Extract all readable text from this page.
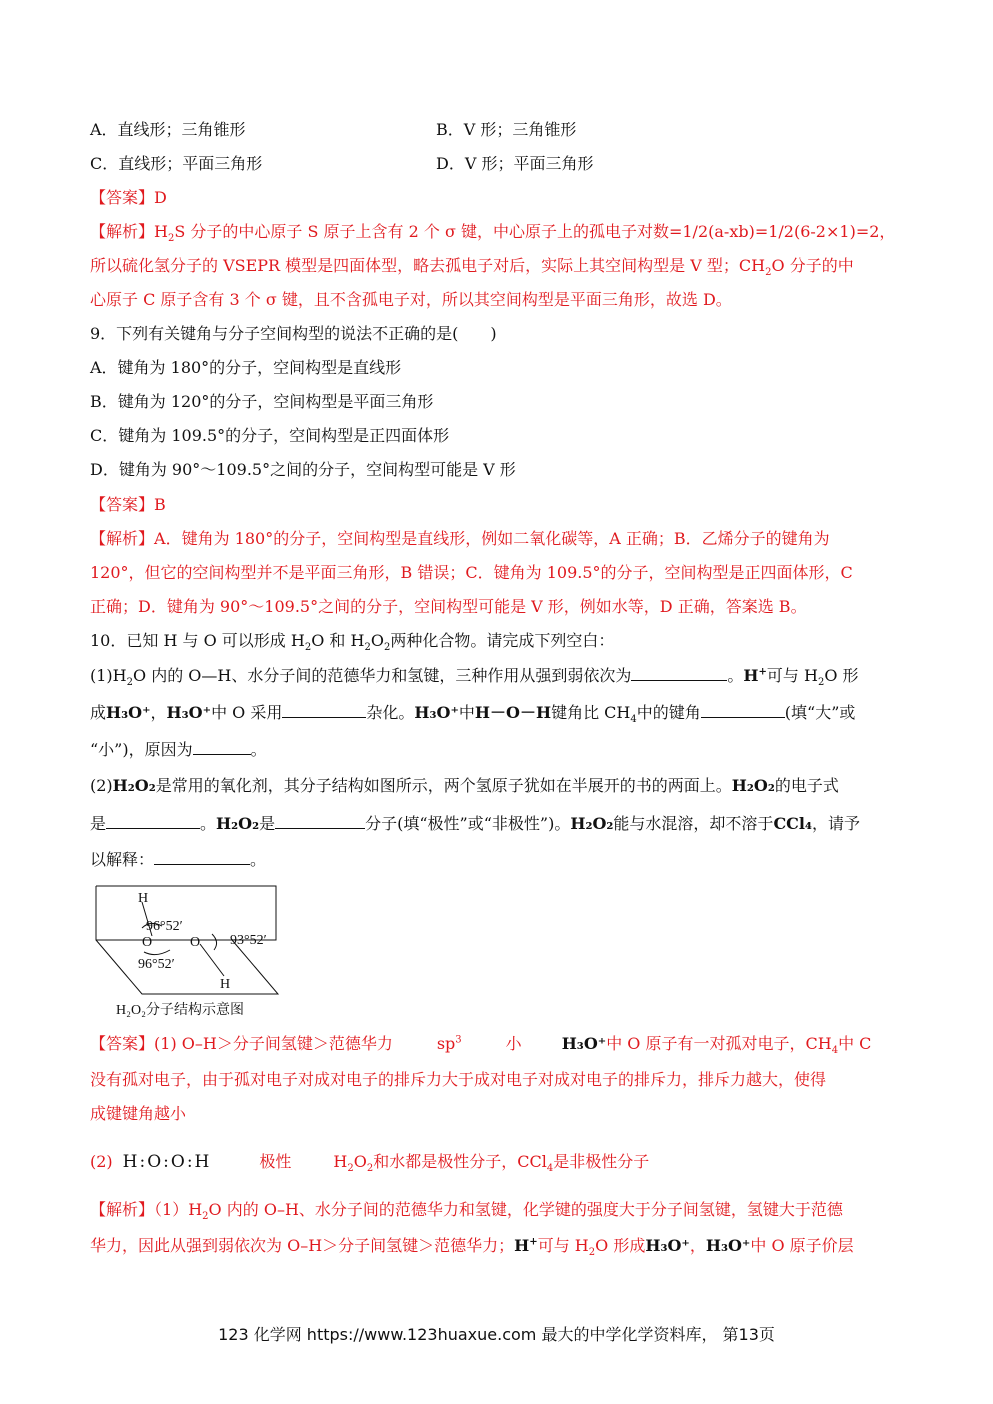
A．直线形；三角锥形	B．V 形；三角锥形
C．直线形；平面三角形	D．V 形；平面三角形
【答案】D
【解析】$H_2S$ 分子的中心原子 S 原子上含有 2 个 σ 键，中心原子上的孤电子对数=1/2(a-xb)=1/2(6-2×1)=2，
所以硫化氢分子的 VSEPR 模型是四面体型，略去孤电子对后，实际上其空间构型是 V 型；$CH_2O$ 分子的中
心原子 C 原子含有 3 个 σ 键，且不含孤电子对，所以其空间构型是平面三角形，故选 D。
9．下列有关键角与分子空间构型的说法不正确的是(　　)
A．键角为 180°的分子，空间构型是直线形
B．键角为 120°的分子，空间构型是平面三角形
C．键角为 109.5°的分子，空间构型是正四面体形
D．键角为 90°～109.5°之间的分子，空间构型可能是 V 形
【答案】B
【解析】A．键角为 180°的分子，空间构型是直线形，例如二氧化碳等，A 正确；B．乙烯分子的键角为
120°，但它的空间构型并不是平面三角形，B 错误；C．键角为 109.5°的分子，空间构型是正四面体形，C
正确；D．键角为 90°～109.5°之间的分子，空间构型可能是 V 形，例如水等，D 正确，答案选 B。
10．已知 H 与 O 可以形成 $H_2O$ 和 $H_2O_2$两种化合物。请完成下列空白：
$(1)H_2O$ 内的 O—H、水分子间的范德华力和氢键，三种作用从强到弱依次为	。H+可与 $H_2O$ 形
成H₃O⁺，H₃O⁺中 O 采用	杂化。H₃O⁺中H－O－H键角比 $CH_4$中的键角	(填“大”或
“小”)，原因为	。
(2)H₂O₂是常用的氧化剂，其分子结构如图所示，两个氢原子犹如在半展开的书的两面上。H₂O₂的电子式
是	。H₂O₂是	分子(填“极性”或“非极性”)。H₂O₂能与水混溶，却不溶于CCl₄，请予
以解释：	。
H
96°52′
O	O 93°52′
96°52′
H
H₂O₂分子结构示意图
【答案】(1) O–H＞分子间氢键＞范德华力	$sp^3$	小	H₃O⁺中 O 原子有一对孤对电子，$CH_4$中 C
没有孤对电子，由于孤对电子对成对电子的排斥力大于成对电子对成对电子的排斥力，排斥力越大，使得
成键键角越小
(2) H:O:O:H	极性	$H_2O_2$和水都是极性分子，CCl$_4$是非极性分子
【解析】$(1)H_2O$ 内的 O–H、水分子间的范德华力和氢键，化学键的强度大于分子间氢键，氢键大于范德
华力，因此从强到弱依次为 O–H＞分子间氢键＞范德华力；H+可与 $H_2O$ 形成H₃O⁺，H₃O⁺中 O 原子价层
123 化学网 https://www.123huaxue.com 最大的中学化学资料库， 第13页
